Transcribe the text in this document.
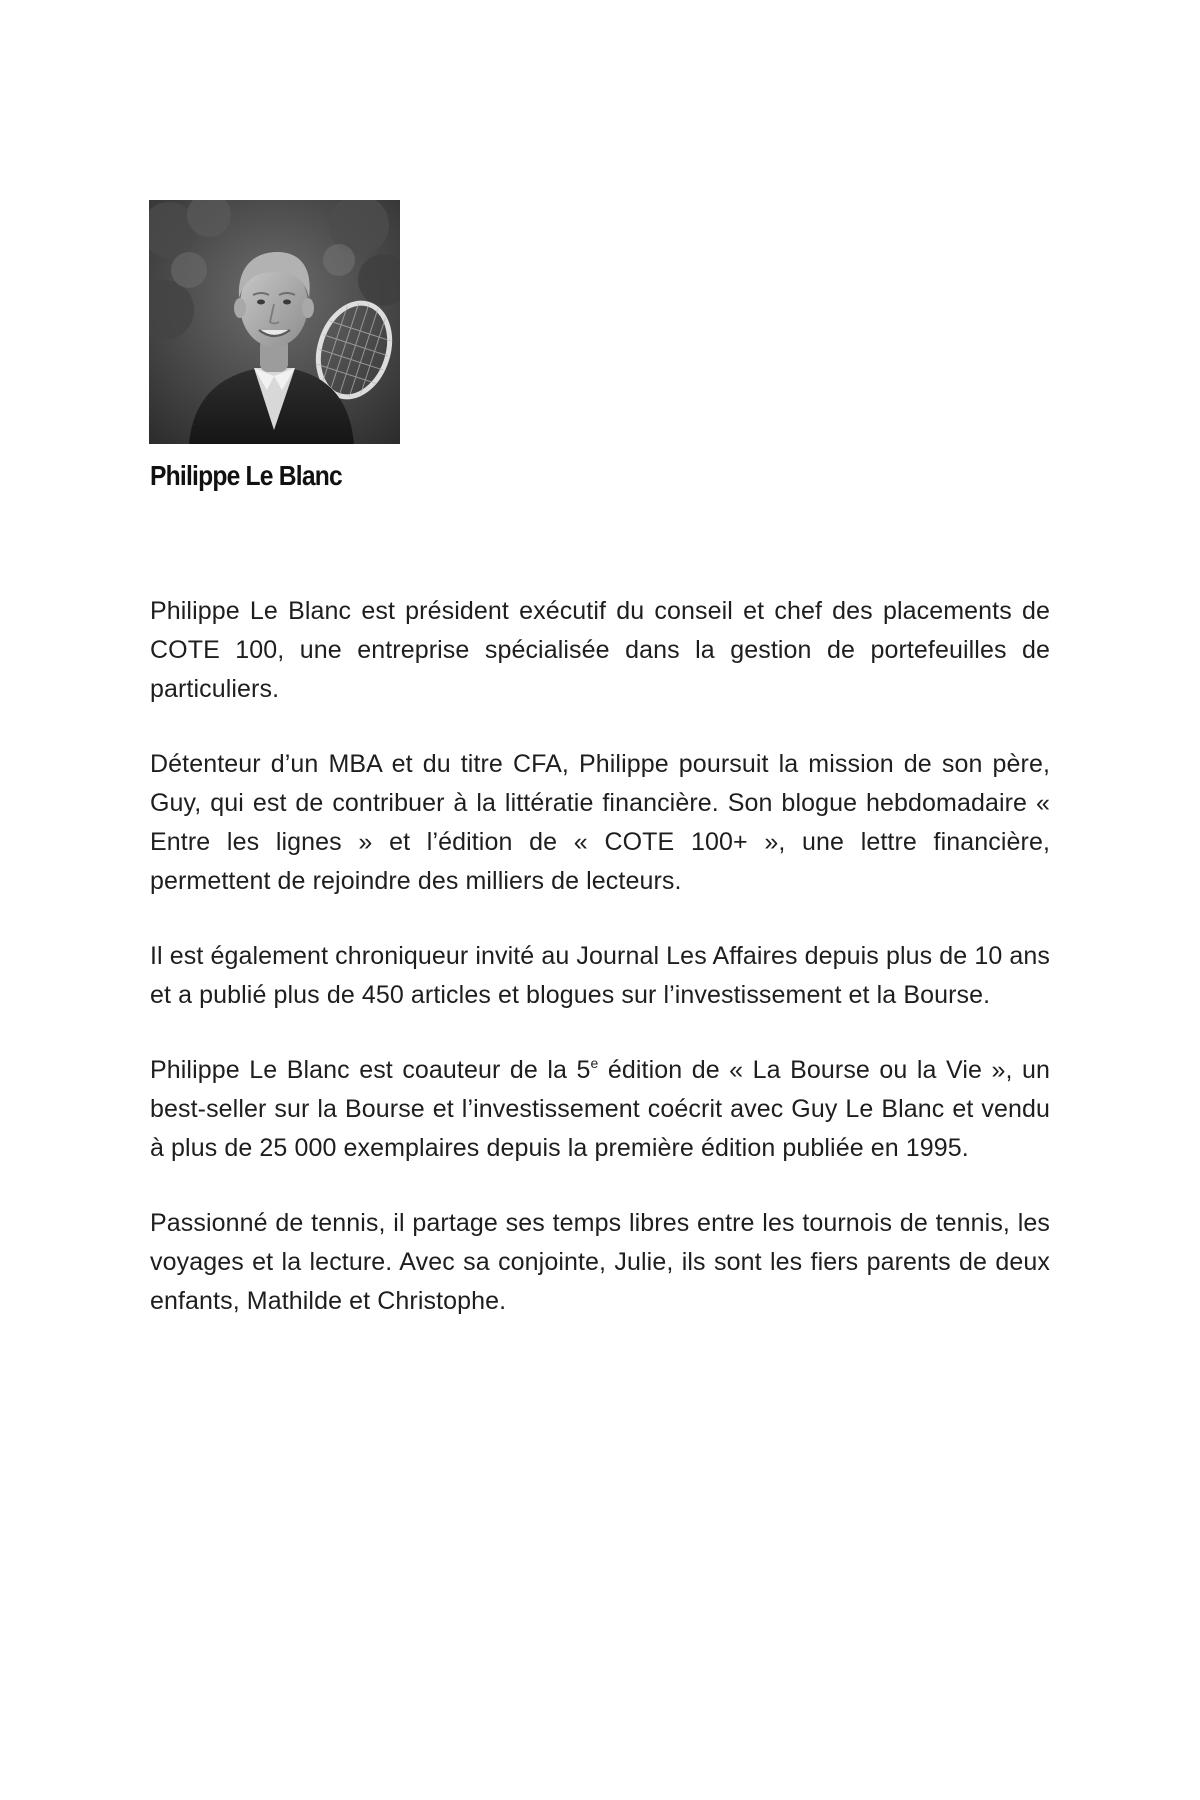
Philippe Le Blanc

Philippe Le Blanc est président exécutif du conseil et chef des placements de COTE 100, une entreprise spécialisée dans la gestion de portefeuilles de particuliers.

Détenteur d’un MBA et du titre CFA, Philippe poursuit la mission de son père, Guy, qui est de contribuer à la littératie financière. Son blogue hebdomadaire « Entre les lignes » et l’édition de « COTE 100+ », une lettre financière, permettent de rejoindre des milliers de lecteurs.

Il est également chroniqueur invité au Journal Les Affaires depuis plus de 10 ans et a publié plus de 450 articles et blogues sur l’investissement et la Bourse.

Philippe Le Blanc est coauteur de la 5e édition de « La Bourse ou la Vie », un best-seller sur la Bourse et l’investissement coécrit avec Guy Le Blanc et vendu à plus de 25 000 exemplaires depuis la première édition publiée en 1995.

Passionné de tennis, il partage ses temps libres entre les tournois de tennis, les voyages et la lecture. Avec sa conjointe, Julie, ils sont les fiers parents de deux enfants, Mathilde et Christophe.
